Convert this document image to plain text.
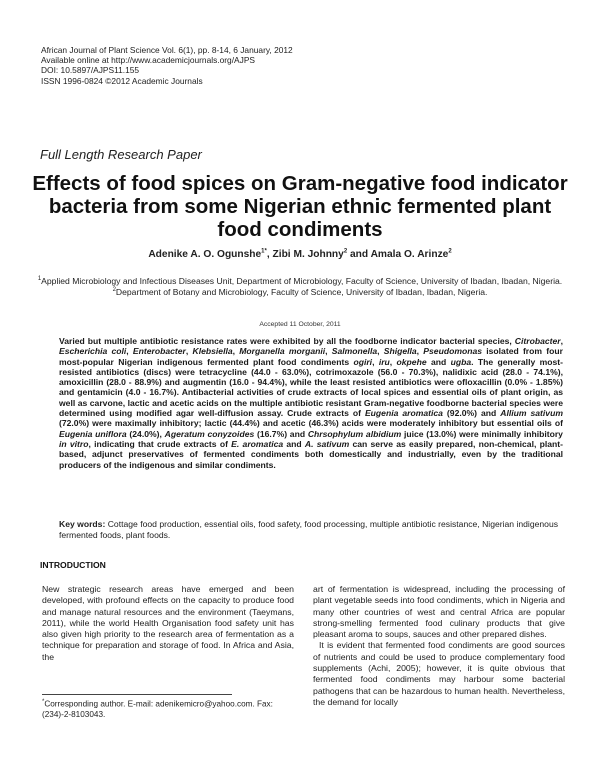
African Journal of Plant Science Vol. 6(1), pp. 8-14, 6 January, 2012
Available online at http://www.academicjournals.org/AJPS
DOI: 10.5897/AJPS11.155
ISSN 1996-0824 ©2012 Academic Journals
Full Length Research Paper
Effects of food spices on Gram-negative food indicator bacteria from some Nigerian ethnic fermented plant food condiments
Adenike A. O. Ogunshe$^{1*}$, Zibi M. Johnny$^2$ and Amala O. Arinze$^2$
$^1$Applied Microbiology and Infectious Diseases Unit, Department of Microbiology, Faculty of Science, University of Ibadan, Ibadan, Nigeria.
$^2$Department of Botany and Microbiology, Faculty of Science, University of Ibadan, Ibadan, Nigeria.
Accepted 11 October, 2011
Varied but multiple antibiotic resistance rates were exhibited by all the foodborne indicator bacterial species, Citrobacter, Escherichia coli, Enterobacter, Klebsiella, Morganella morganii, Salmonella, Shigella, Pseudomonas isolated from four most-popular Nigerian indigenous fermented plant food condiments ogiri, iru, okpehe and ugba. The generally most-resisted antibiotics (discs) were tetracycline (44.0 - 63.0%), cotrimoxazole (56.0 - 70.3%), nalidixic acid (28.0 - 74.1%), amoxicillin (28.0 - 88.9%) and augmentin (16.0 - 94.4%), while the least resisted antibiotics were ofloxacillin (0.0% - 1.85%) and gentamicin (4.0 - 16.7%). Antibacterial activities of crude extracts of local spices and essential oils of plant origin, as well as carvone, lactic and acetic acids on the multiple antibiotic resistant Gram-negative foodborne bacterial species were determined using modified agar well-diffusion assay. Crude extracts of Eugenia aromatica (92.0%) and Allium sativum (72.0%) were maximally inhibitory; lactic (44.4%) and acetic (46.3%) acids were moderately inhibitory but essential oils of Eugenia uniflora (24.0%), Ageratum conyzoides (16.7%) and Chrsophylum albidium juice (13.0%) were minimally inhibitory in vitro, indicating that crude extracts of E. aromatica and A. sativum can serve as easily prepared, non-chemical, plant-based, adjunct preservatives of fermented condiments both domestically and industrially, even by the traditional producers of the indigenous and similar condiments.
Key words: Cottage food production, essential oils, food safety, food processing, multiple antibiotic resistance, Nigerian indigenous fermented foods, plant foods.
INTRODUCTION

New strategic research areas have emerged and been developed, with profound effects on the capacity to produce food and manage natural resources and the environment (Taeymans, 2011), while the world Health Organisation food safety unit has also given high priority to the research area of fermentation as a technique for preparation and storage of food. In Africa and Asia, the

art of fermentation is widespread, including the processing of plant vegetable seeds into food condiments, which in Nigeria and many other countries of west and central Africa are popular strong-smelling fermented food culinary products that give pleasant aroma to soups, sauces and other prepared dishes.

It is evident that fermented food condiments are good sources of nutrients and could be used to produce complementary food supplements (Achi, 2005); however, it is quite obvious that fermented food condiments may harbour some bacterial pathogens that can be hazardous to human health. Nevertheless, the demand for locally

*Corresponding author. E-mail: adenikemicro@yahoo.com. Fax: (234)-2-8103043.
